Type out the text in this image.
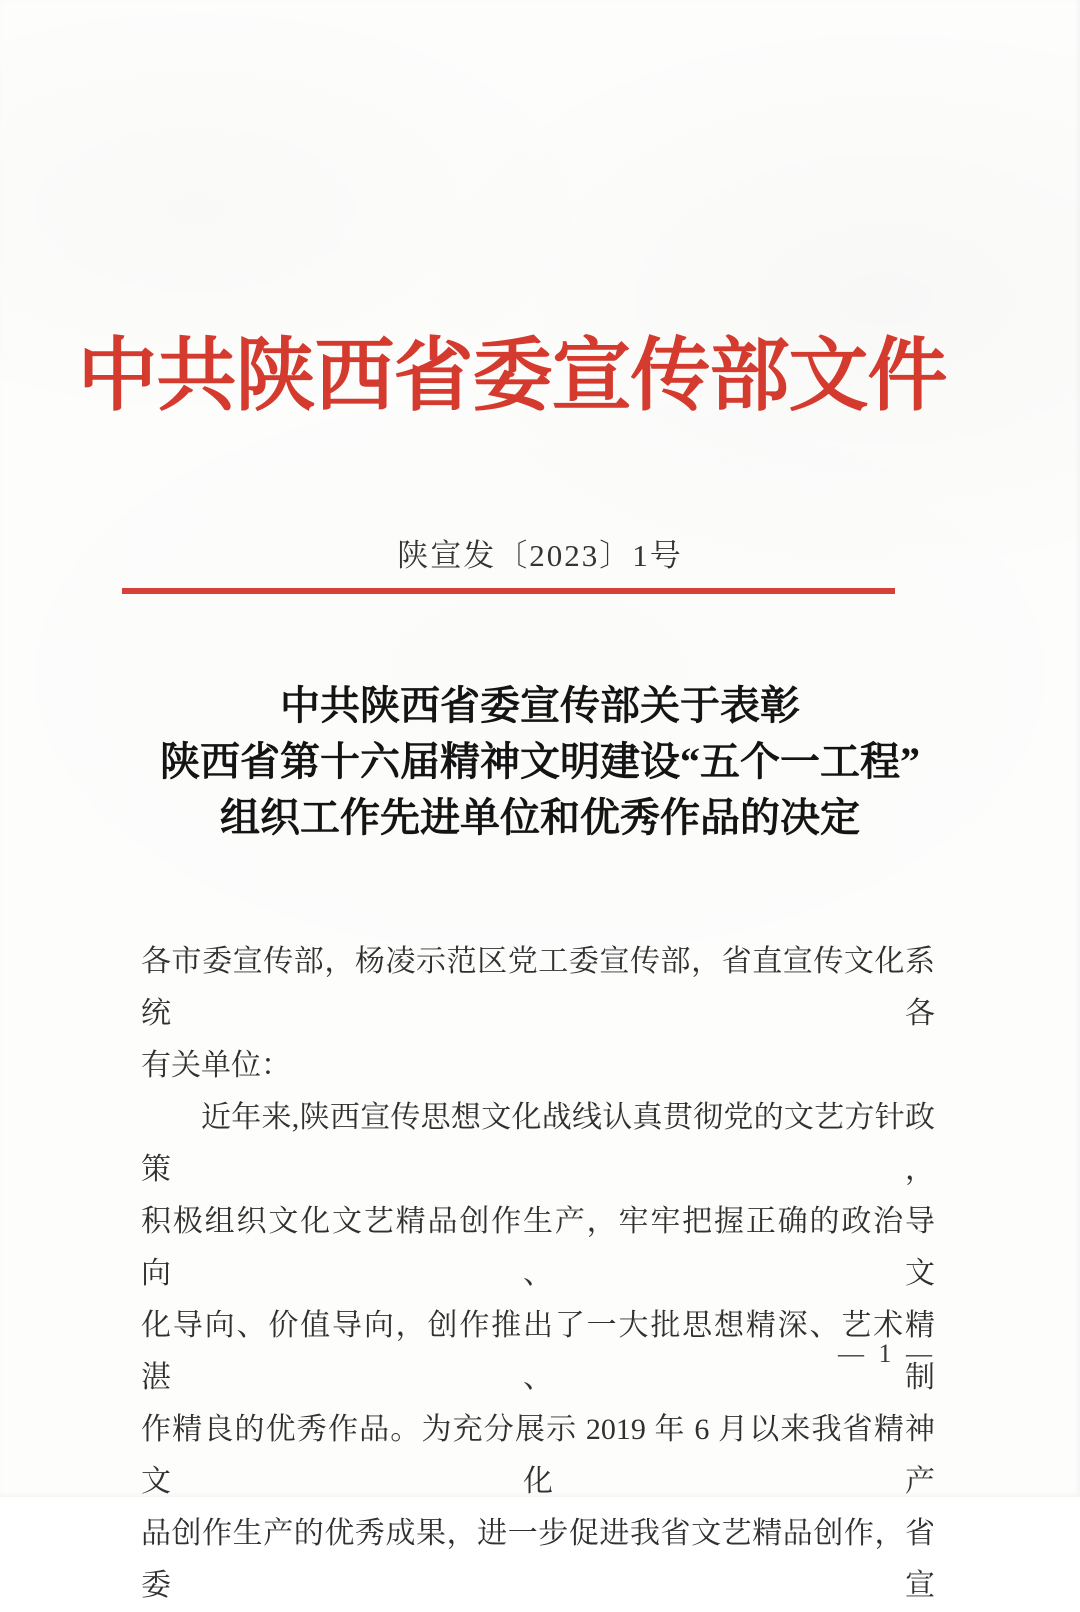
中共陕西省委宣传部文件
陕宣发〔2023〕1号
中共陕西省委宣传部关于表彰
陕西省第十六届精神文明建设“五个一工程”
组织工作先进单位和优秀作品的决定
各市委宣传部，杨凌示范区党工委宣传部，省直宣传文化系统各
有关单位：
近年来,陕西宣传思想文化战线认真贯彻党的文艺方针政策，
积极组织文化文艺精品创作生产，牢牢把握正确的政治导向、文
化导向、价值导向，创作推出了一大批思想精深、艺术精湛、制
作精良的优秀作品。为充分展示 2019 年 6 月以来我省精神文化产
品创作生产的优秀成果，进一步促进我省文艺精品创作，省委宣
— 1 —
